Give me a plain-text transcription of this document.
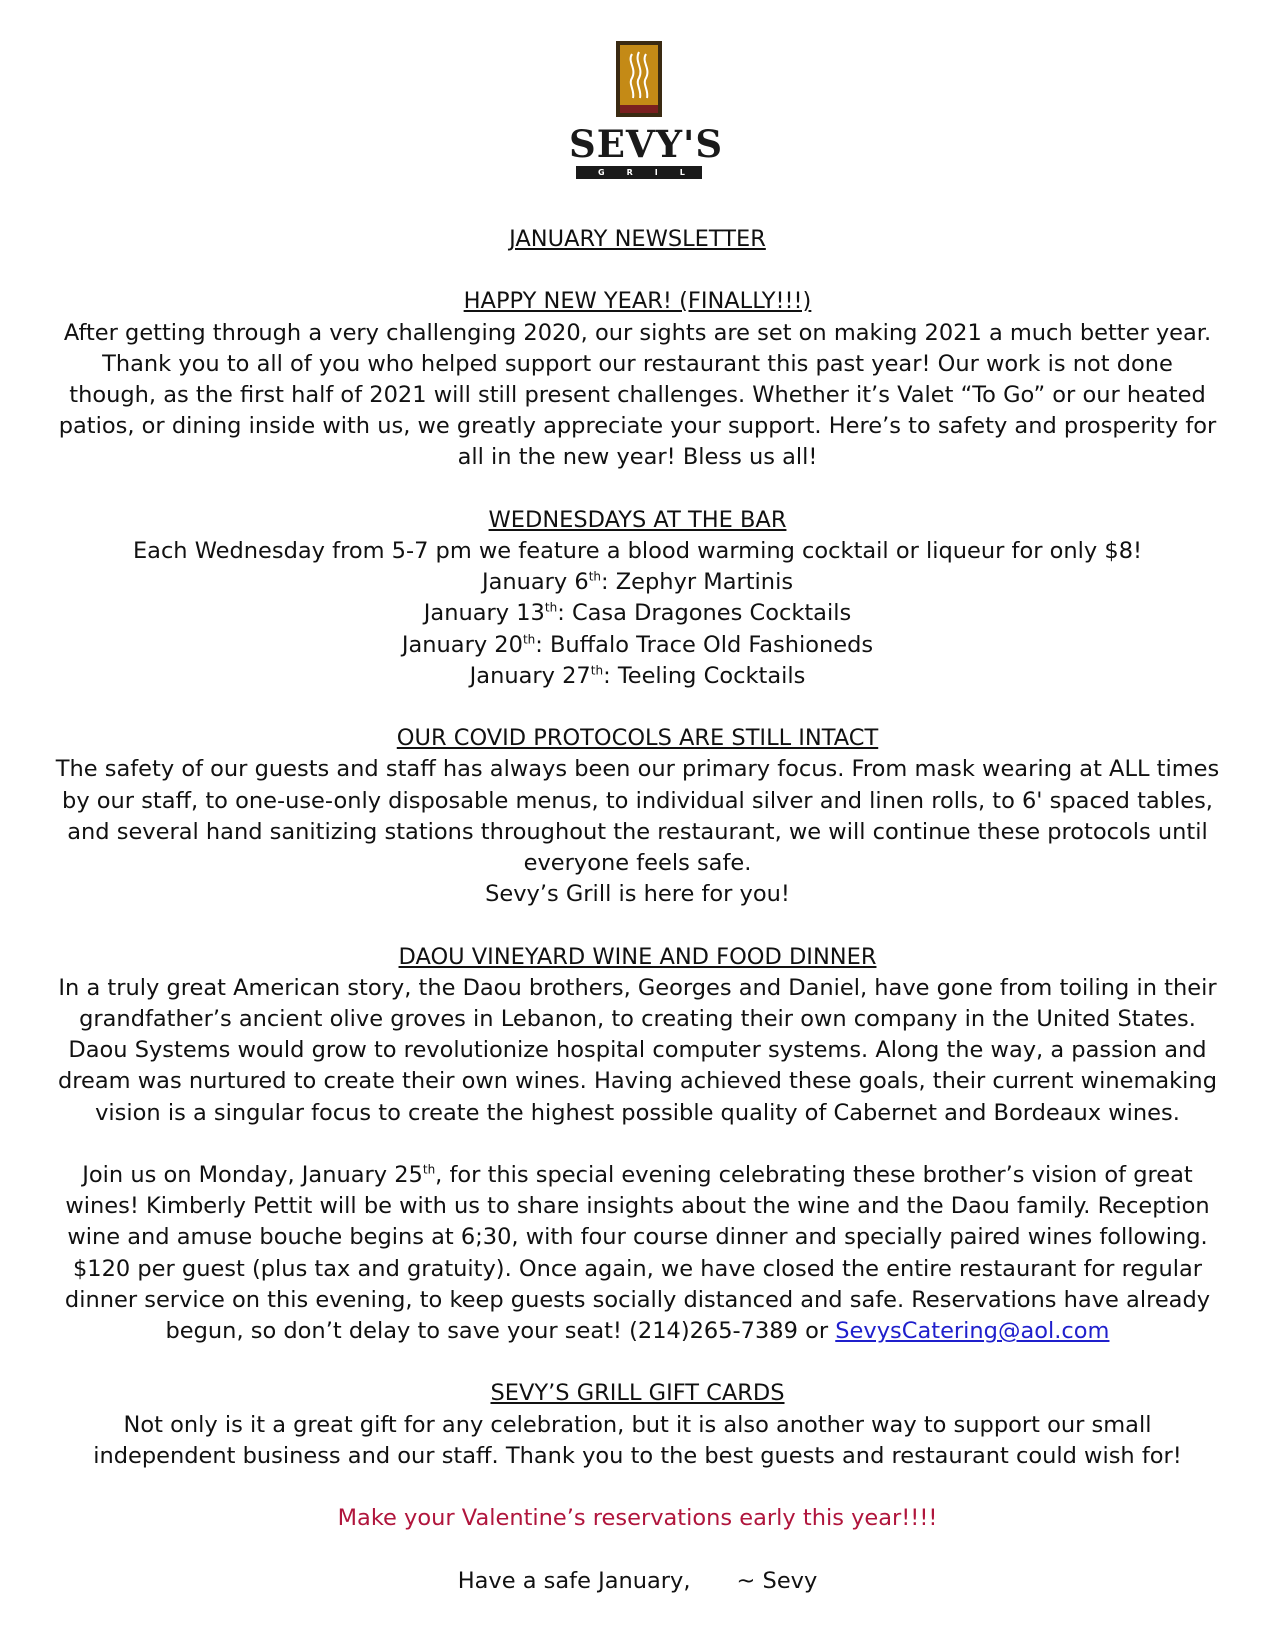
SEVY'S
GRILL

JANUARY NEWSLETTER

HAPPY NEW YEAR! (FINALLY!!!)

After getting through a very challenging 2020, our sights are set on making 2021 a much better year.

Thank you to all of you who helped support our restaurant this past year! Our work is not done

though, as the first half of 2021 will still present challenges. Whether it’s Valet “To Go” or our heated

patios, or dining inside with us, we greatly appreciate your support. Here’s to safety and prosperity for

all in the new year! Bless us all!

WEDNESDAYS AT THE BAR

Each Wednesday from 5-7 pm we feature a blood warming cocktail or liqueur for only $8!

January 6th: Zephyr Martinis

January 13th: Casa Dragones Cocktails

January 20th: Buffalo Trace Old Fashioneds

January 27th: Teeling Cocktails

OUR COVID PROTOCOLS ARE STILL INTACT

The safety of our guests and staff has always been our primary focus. From mask wearing at ALL times

by our staff, to one-use-only disposable menus, to individual silver and linen rolls, to 6' spaced tables,

and several hand sanitizing stations throughout the restaurant, we will continue these protocols until

everyone feels safe.

Sevy’s Grill is here for you!

DAOU VINEYARD WINE AND FOOD DINNER

In a truly great American story, the Daou brothers, Georges and Daniel, have gone from toiling in their

grandfather’s ancient olive groves in Lebanon, to creating their own company in the United States.

Daou Systems would grow to revolutionize hospital computer systems. Along the way, a passion and

dream was nurtured to create their own wines. Having achieved these goals, their current winemaking

vision is a singular focus to create the highest possible quality of Cabernet and Bordeaux wines.

Join us on Monday, January 25th, for this special evening celebrating these brother’s vision of great

wines! Kimberly Pettit will be with us to share insights about the wine and the Daou family. Reception

wine and amuse bouche begins at 6;30, with four course dinner and specially paired wines following.

$120 per guest (plus tax and gratuity). Once again, we have closed the entire restaurant for regular

dinner service on this evening, to keep guests socially distanced and safe. Reservations have already

begun, so don’t delay to save your seat! (214)265-7389 or SevysCatering@aol.com

SEVY’S GRILL GIFT CARDS

Not only is it a great gift for any celebration, but it is also another way to support our small

independent business and our staff. Thank you to the best guests and restaurant could wish for!

Make your Valentine’s reservations early this year!!!!

Have a safe January, ~ Sevy
